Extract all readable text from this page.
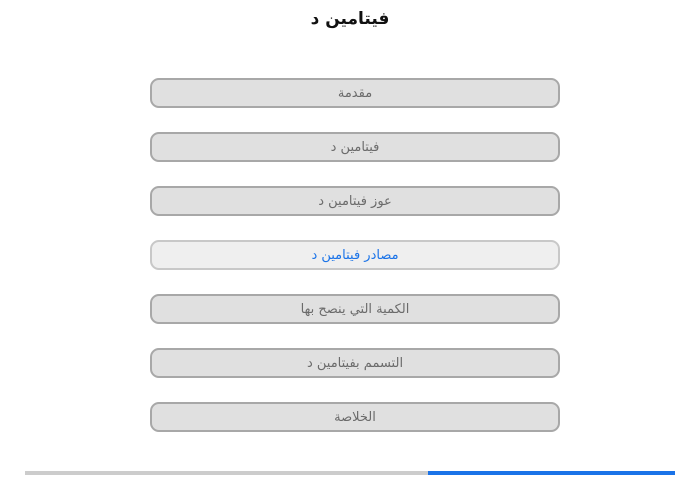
فيتامين د
مقدمة
فيتامين د
عوز فيتامين د
مصادر فيتامين د
الكمية التي ينصح بها
التسمم بفيتامين د
الخلاصة
